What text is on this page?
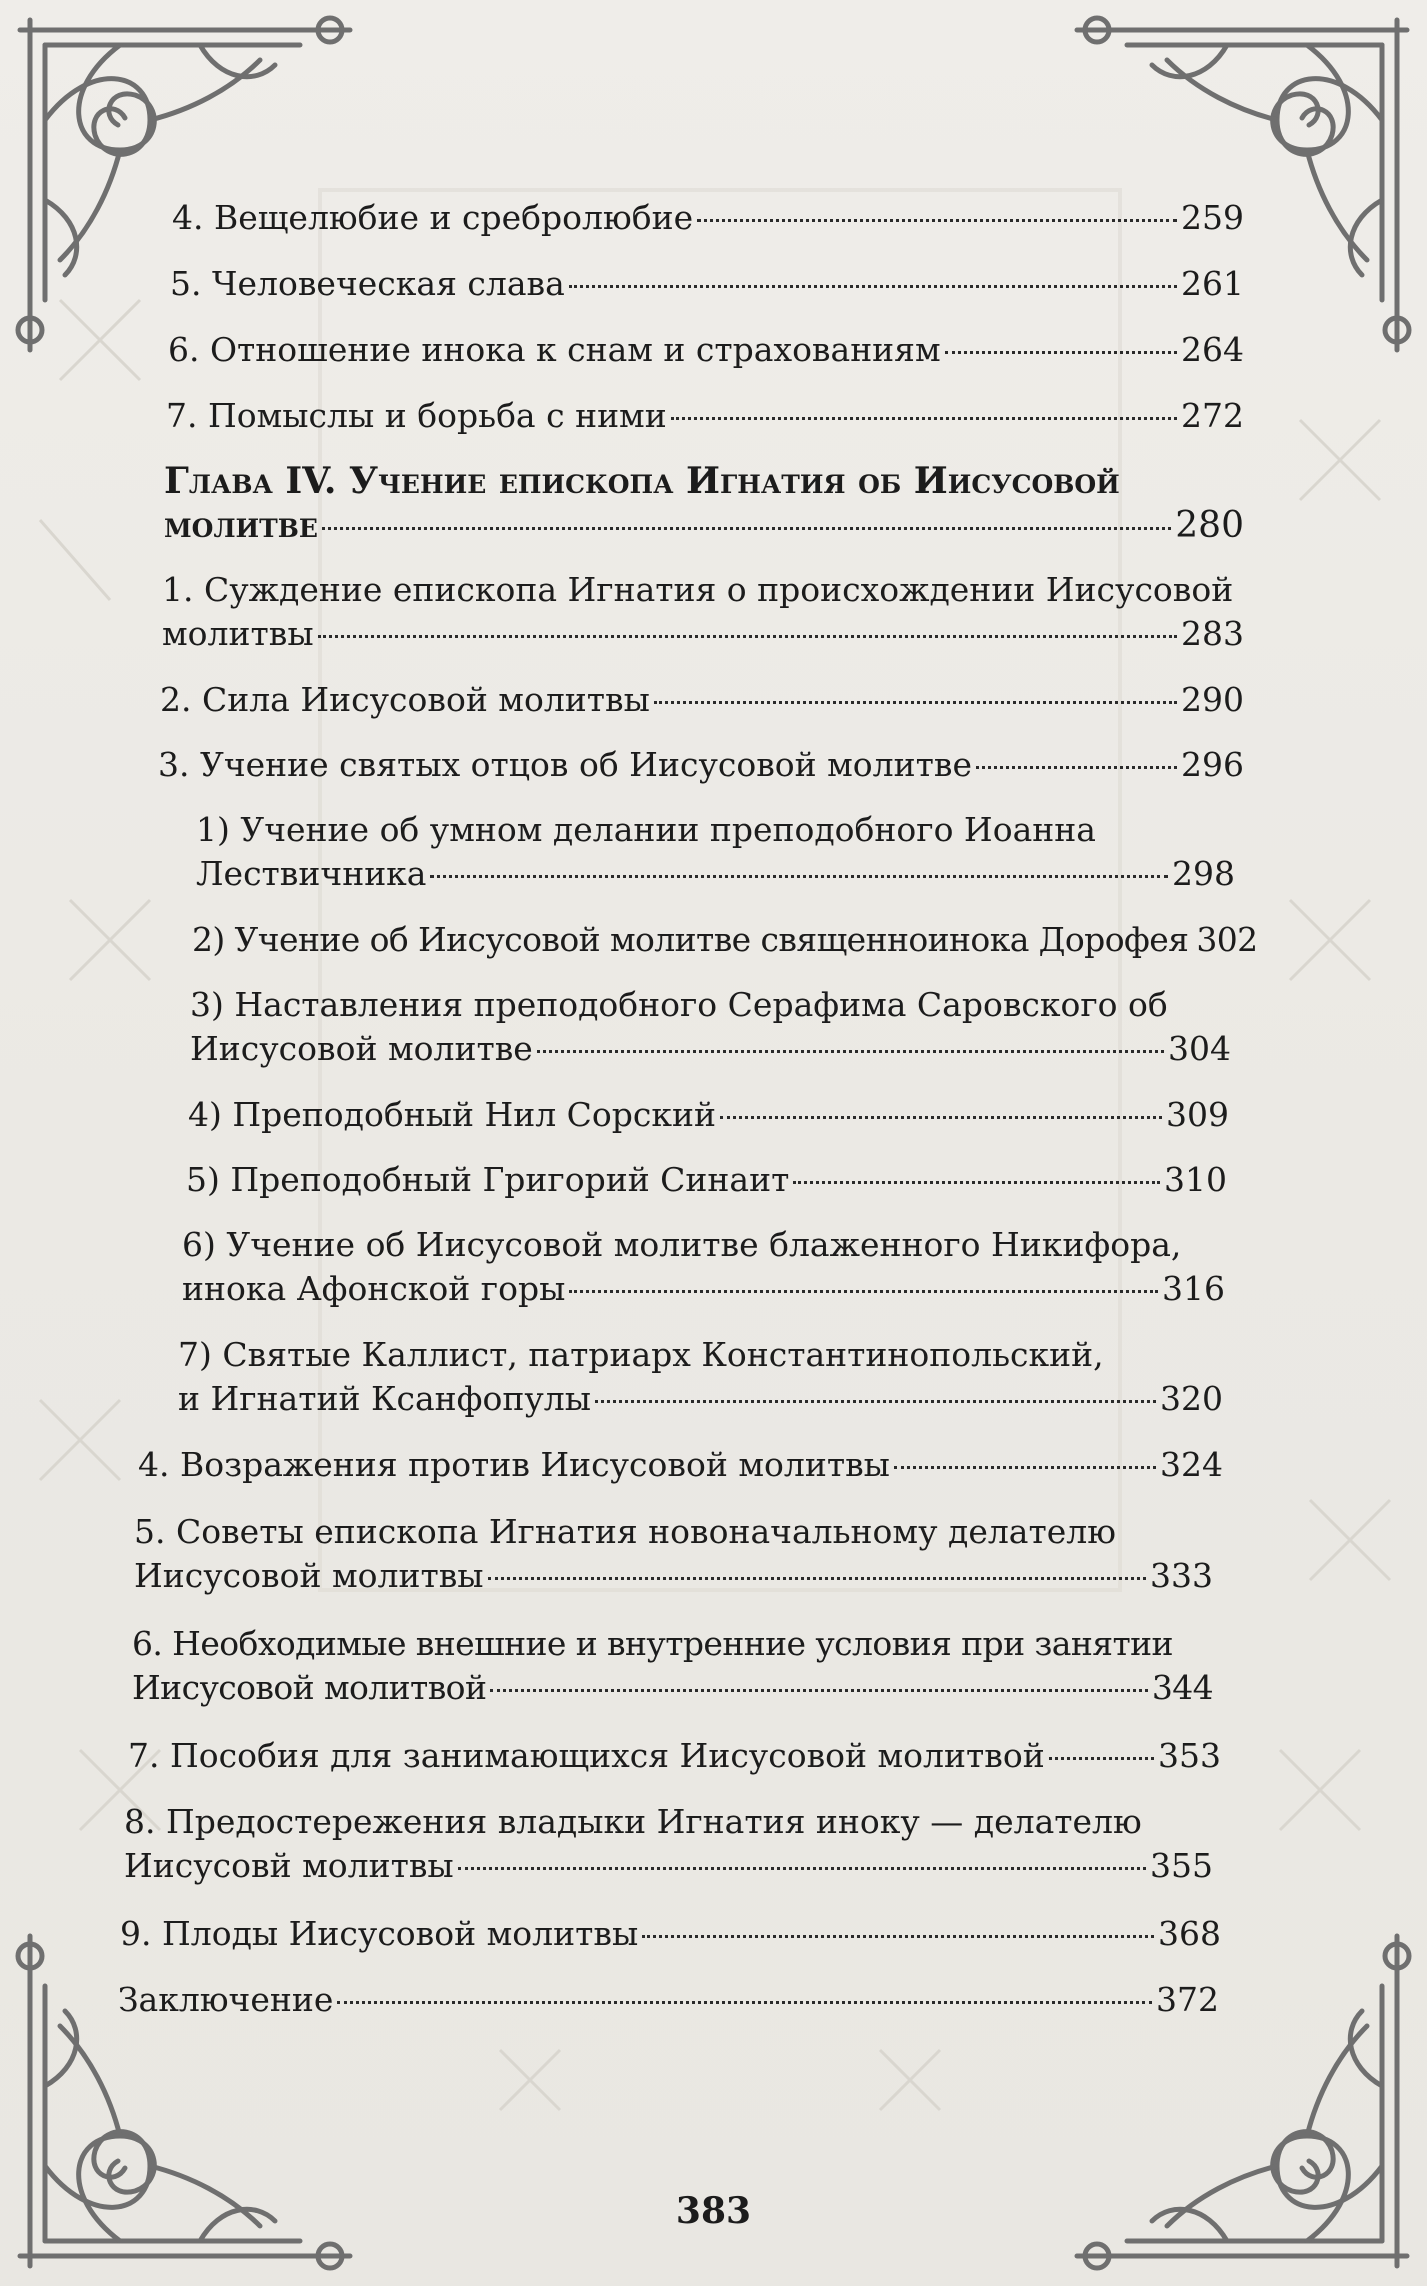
4. Вещелюбие и сребролюбие	259
5. Человеческая слава	261
6. Отношение инока к снам и страхованиям	264
7. Помыслы и борьба с ними	272
Глава IV. Учение епископа Игнатия об Иисусовой
молитве	280
1. Суждение епископа Игнатия о происхождении Иисусовой
молитвы	283
2. Сила Иисусовой молитвы	290
3. Учение святых отцов об Иисусовой молитве	296
1) Учение об умном делании преподобного Иоанна
Лествичника	298
2) Учение об Иисусовой молитве священноинока Дорофея 302
3) Наставления преподобного Серафима Саровского об
Иисусовой молитве	304
4) Преподобный Нил Сорский	309
5) Преподобный Григорий Синаит	310
6) Учение об Иисусовой молитве блаженного Никифора,
инока Афонской горы	316
7) Святые Каллист, патриарх Константинопольский,
и Игнатий Ксанфопулы	320
4. Возражения против Иисусовой молитвы	324
5. Советы епископа Игнатия новоначальному делателю
Иисусовой молитвы	333
6. Необходимые внешние и внутренние условия при занятии
Иисусовой молитвой	344
7. Пособия для занимающихся Иисусовой молитвой	353
8. Предостережения владыки Игнатия иноку — делателю
Иисусовй молитвы	355
9. Плоды Иисусовой молитвы	368
Заключение	372
383
